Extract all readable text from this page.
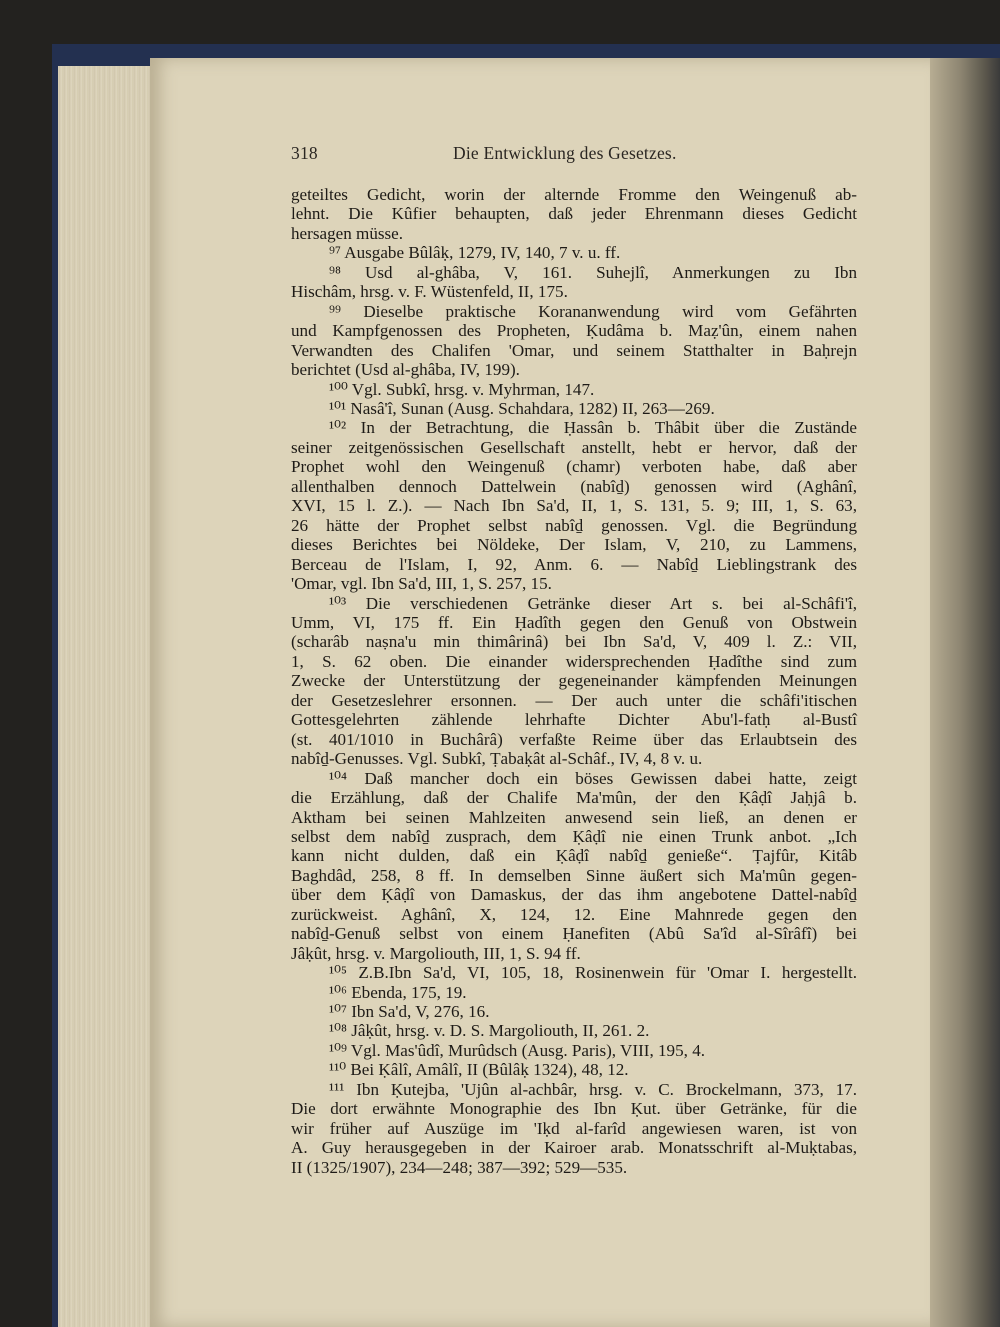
318	Die Entwicklung des Gesetzes.
geteiltes Gedicht, worin der alternde Fromme den Weingenuß ab-
lehnt. Die Kûfier behaupten, daß jeder Ehrenmann dieses Gedicht
hersagen müsse.
⁹⁷ Ausgabe Bûlâḳ, 1279, IV, 140, 7 v. u. ff.
⁹⁸ Usd al-ghâba, V, 161. Suhejlî, Anmerkungen zu Ibn
Hischâm, hrsg. v. F. Wüstenfeld, II, 175.
⁹⁹ Dieselbe praktische Korananwendung wird vom Gefährten
und Kampfgenossen des Propheten, Ḳudâma b. Maẓ'ûn, einem nahen
Verwandten des Chalifen 'Omar, und seinem Statthalter in Baḥrejn
berichtet (Usd al-ghâba, IV, 199).
¹⁰⁰ Vgl. Subkî, hrsg. v. Myhrman, 147.
¹⁰¹ Nasâ'î, Sunan (Ausg. Schahdara, 1282) II, 263—269.
¹⁰² In der Betrachtung, die Ḥassân b. Thâbit über die Zustände
seiner zeitgenössischen Gesellschaft anstellt, hebt er hervor, daß der
Prophet wohl den Weingenuß (chamr) verboten habe, daß aber
allenthalben dennoch Dattelwein (nabîḏ) genossen wird (Aghânî,
XVI, 15 l. Z.). — Nach Ibn Sa'd, II, 1, S. 131, 5. 9; III, 1, S. 63,
26 hätte der Prophet selbst nabîḏ genossen. Vgl. die Begründung
dieses Berichtes bei Nöldeke, Der Islam, V, 210, zu Lammens,
Berceau de l'Islam, I, 92, Anm. 6. — Nabîḏ Lieblingstrank des
'Omar, vgl. Ibn Sa'd, III, 1, S. 257, 15.
¹⁰³ Die verschiedenen Getränke dieser Art s. bei al-Schâfi'î,
Umm, VI, 175 ff. Ein Ḥadîth gegen den Genuß von Obstwein
(scharâb naṣna'u min thimârinâ) bei Ibn Sa'd, V, 409 l. Z.: VII,
1, S. 62 oben. Die einander widersprechenden Ḥadîthe sind zum
Zwecke der Unterstützung der gegeneinander kämpfenden Meinungen
der Gesetzeslehrer ersonnen. — Der auch unter die schâfi'itischen
Gottesgelehrten zählende lehrhafte Dichter Abu'l-fatḥ al-Bustî
(st. 401/1010 in Buchârâ) verfaßte Reime über das Erlaubtsein des
nabîḏ-Genusses. Vgl. Subkî, Ṭabaḳât al-Schâf., IV, 4, 8 v. u.
¹⁰⁴ Daß mancher doch ein böses Gewissen dabei hatte, zeigt
die Erzählung, daß der Chalife Ma'mûn, der den Ḳâḍî Jaḥjâ b.
Aktham bei seinen Mahlzeiten anwesend sein ließ, an denen er
selbst dem nabîḏ zusprach, dem Ḳâḍî nie einen Trunk anbot. „Ich
kann nicht dulden, daß ein Ḳâḍî nabîḏ genieße“. Ṭajfûr, Kitâb
Baghdâd, 258, 8 ff. In demselben Sinne äußert sich Ma'mûn gegen-
über dem Ḳâḍî von Damaskus, der das ihm angebotene Dattel-nabîḏ
zurückweist. Aghânî, X, 124, 12. Eine Mahnrede gegen den
nabîḏ-Genuß selbst von einem Ḥanefiten (Abû Sa'îd al-Sîrâfî) bei
Jâḳût, hrsg. v. Margoliouth, III, 1, S. 94 ff.
¹⁰⁵ Z.B.Ibn Sa'd, VI, 105, 18, Rosinenwein für 'Omar I. hergestellt.
¹⁰⁶ Ebenda, 175, 19.
¹⁰⁷ Ibn Sa'd, V, 276, 16.
¹⁰⁸ Jâḳût, hrsg. v. D. S. Margoliouth, II, 261. 2.
¹⁰⁹ Vgl. Mas'ûdî, Murûdsch (Ausg. Paris), VIII, 195, 4.
¹¹⁰ Bei Ḳâlî, Amâlî, II (Bûlâḳ 1324), 48, 12.
¹¹¹ Ibn Ḳutejba, 'Ujûn al-achbâr, hrsg. v. C. Brockelmann, 373, 17.
Die dort erwähnte Monographie des Ibn Ḳut. über Getränke, für die
wir früher auf Auszüge im 'Iḳd al-farîd angewiesen waren, ist von
A. Guy herausgegeben in der Kairoer arab. Monatsschrift al-Muḳtabas,
II (1325/1907), 234—248; 387—392; 529—535.
